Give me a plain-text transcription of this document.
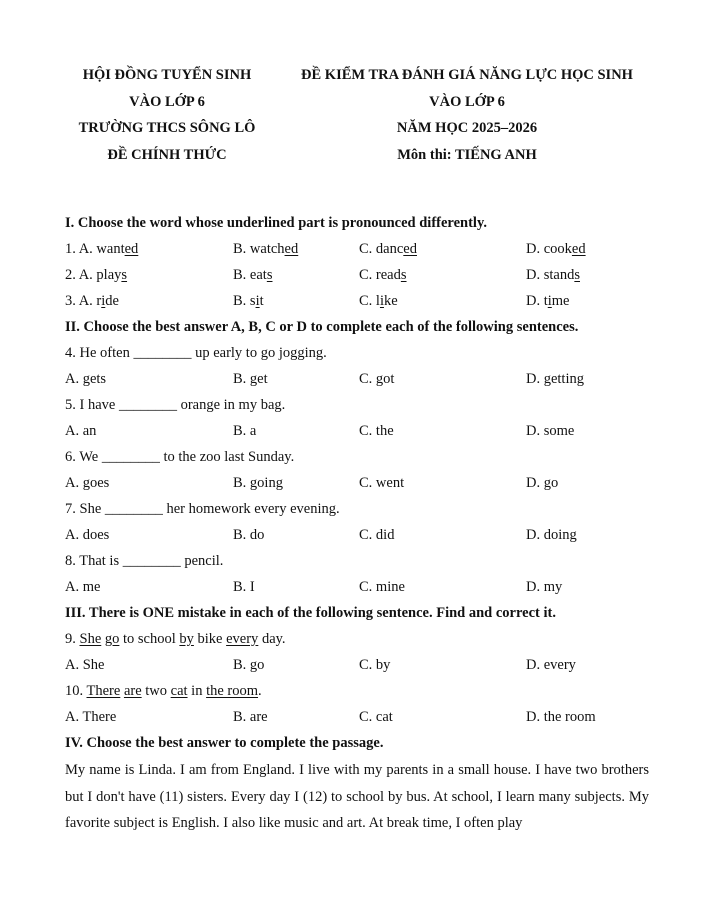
HỘI ĐỒNG TUYỂN SINH
VÀO LỚP 6
TRƯỜNG THCS SÔNG LÔ
ĐỀ CHÍNH THỨC
ĐỀ KIỂM TRA ĐÁNH GIÁ NĂNG LỰC HỌC SINH
VÀO LỚP 6
NĂM HỌC 2025–2026
Môn thi: TIẾNG ANH
I. Choose the word whose underlined part is pronounced differently.
1. A. wanted	B. watched	C. danced	D. cooked
2. A. plays	B. eats	C. reads	D. stands
3. A. ride	B. sit	C. like	D. time
II. Choose the best answer A, B, C or D to complete each of the following sentences.
4. He often ________ up early to go jogging.
A. gets	B. get	C. got	D. getting
5. I have ________ orange in my bag.
A. an	B. a	C. the	D. some
6. We ________ to the zoo last Sunday.
A. goes	B. going	C. went	D. go
7. She ________ her homework every evening.
A. does	B. do	C. did	D. doing
8. That is ________ pencil.
A. me	B. I	C. mine	D. my
III. There is ONE mistake in each of the following sentence. Find and correct it.
9. She go to school by bike every day.
A. She	B. go	C. by	D. every
10. There are two cat in the room.
A. There	B. are	C. cat	D. the room
IV. Choose the best answer to complete the passage.
My name is Linda. I am from England. I live with my parents in a small house. I have two brothers but I don't have (11) sisters. Every day I (12) to school by bus. At school, I learn many subjects. My favorite subject is English. I also like music and art. At break time, I often play
